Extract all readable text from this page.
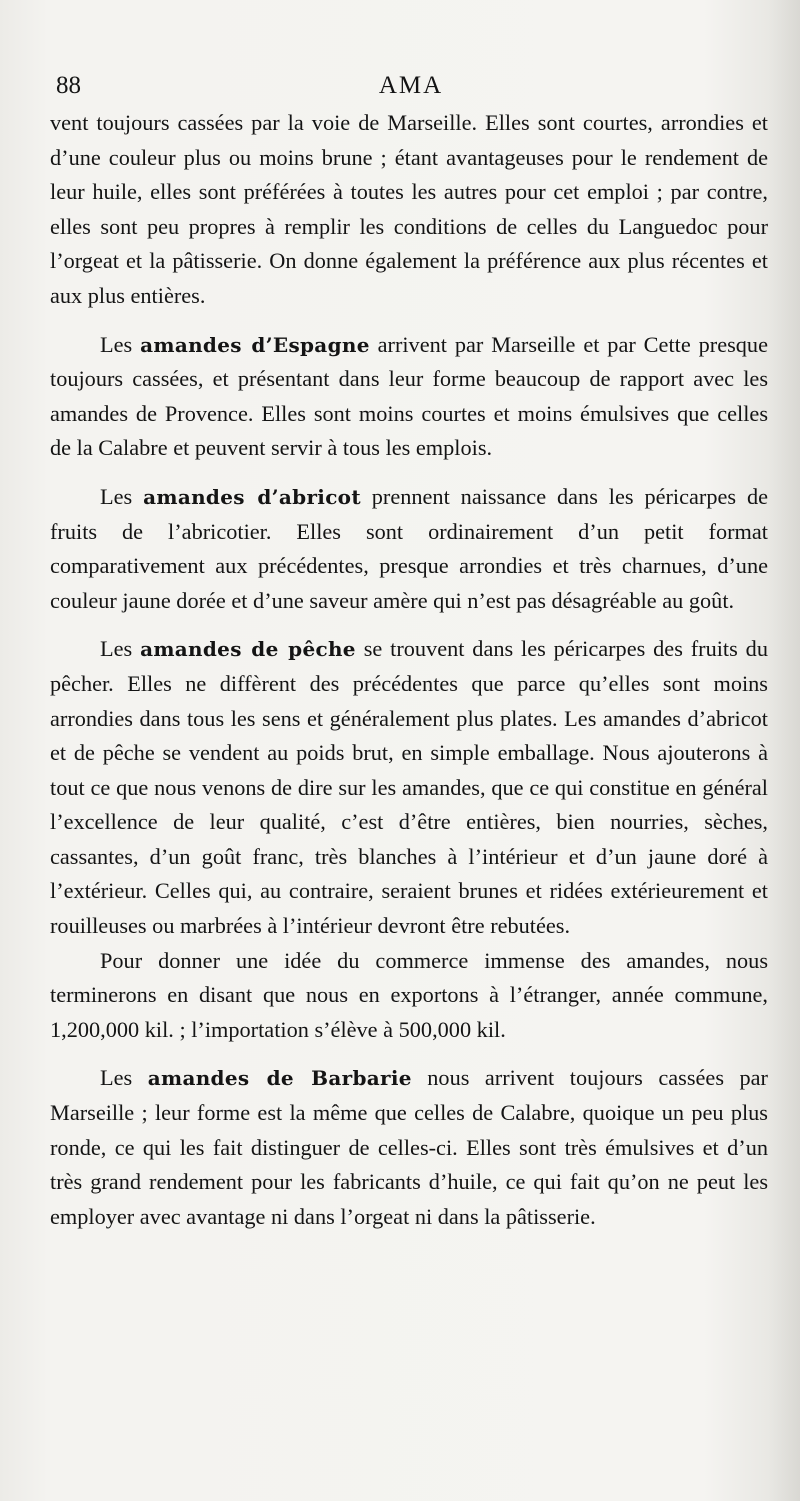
88	AMA

vent toujours cassées par la voie de Marseille. Elles sont courtes, arrondies et d’une couleur plus ou moins brune ; étant avantageuses pour le rendement de leur huile, elles sont préférées à toutes les autres pour cet emploi ; par contre, elles sont peu propres à remplir les conditions de celles du Languedoc pour l’orgeat et la pâtisserie. On donne également la préférence aux plus récentes et aux plus entières.

Les amandes d’Espagne arrivent par Marseille et par Cette presque toujours cassées, et présentant dans leur forme beaucoup de rapport avec les amandes de Provence. Elles sont moins courtes et moins émulsives que celles de la Calabre et peuvent servir à tous les emplois.

Les amandes d’abricot prennent naissance dans les péricarpes de fruits de l’abricotier. Elles sont ordinairement d’un petit format comparativement aux précédentes, presque arrondies et très charnues, d’une couleur jaune dorée et d’une saveur amère qui n’est pas désagréable au goût.

Les amandes de pêche se trouvent dans les péricarpes des fruits du pêcher. Elles ne diffèrent des précédentes que parce qu’elles sont moins arrondies dans tous les sens et généralement plus plates. Les amandes d’abricot et de pêche se vendent au poids brut, en simple emballage. Nous ajouterons à tout ce que nous venons de dire sur les amandes, que ce qui constitue en général l’excellence de leur qualité, c’est d’être entières, bien nourries, sèches, cassantes, d’un goût franc, très blanches à l’intérieur et d’un jaune doré à l’extérieur. Celles qui, au contraire, seraient brunes et ridées extérieurement et rouilleuses ou marbrées à l’intérieur devront être rebutées.

Pour donner une idée du commerce immense des amandes, nous terminerons en disant que nous en exportons à l’étranger, année commune, 1,200,000 kil. ; l’importation s’élève à 500,000 kil.

Les amandes de Barbarie nous arrivent toujours cassées par Marseille ; leur forme est la même que celles de Calabre, quoique un peu plus ronde, ce qui les fait distinguer de celles-ci. Elles sont très émulsives et d’un très grand rendement pour les fabricants d’huile, ce qui fait qu’on ne peut les employer avec avantage ni dans l’orgeat ni dans la pâtisserie.
